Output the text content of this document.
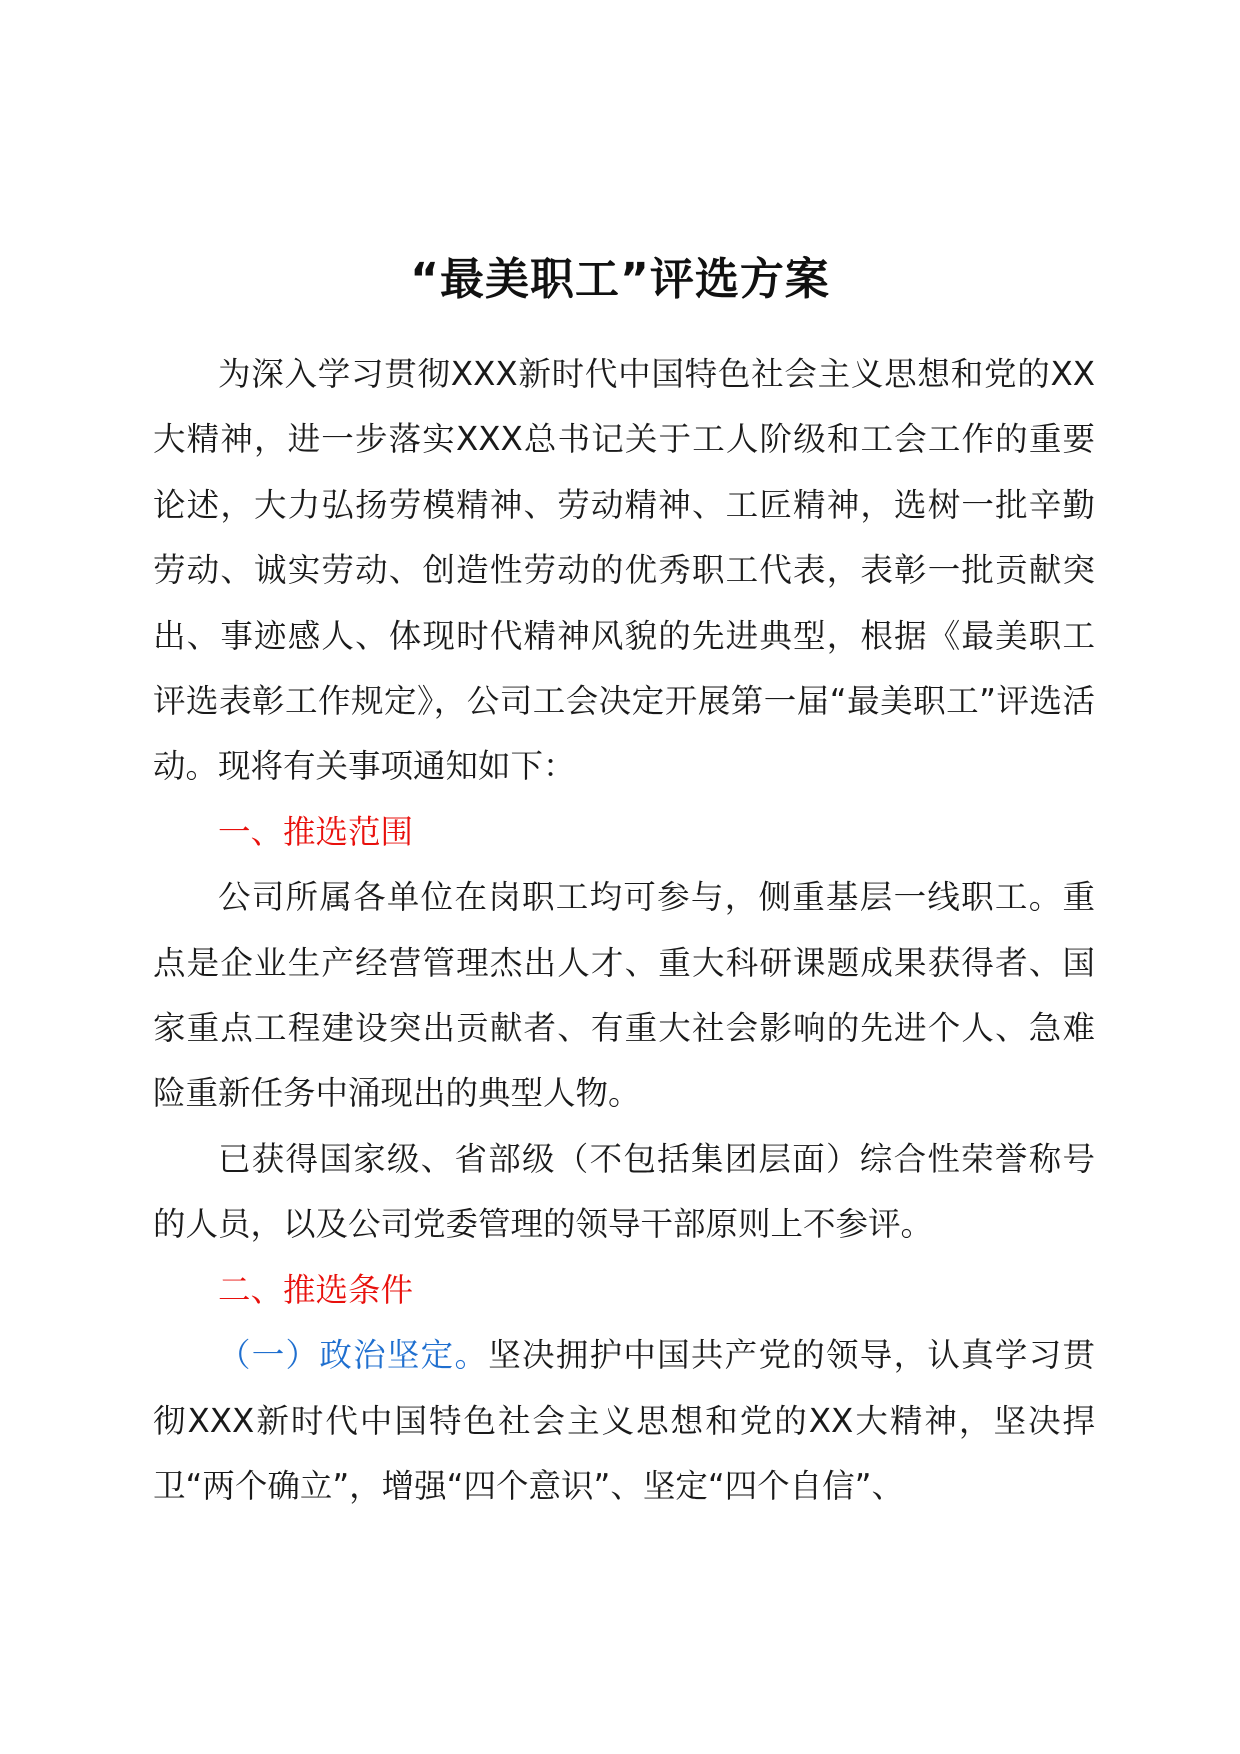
“最美职工”评选方案

为深入学习贯彻XXX新时代中国特色社会主义思想和党的XX大精神，进一步落实XXX总书记关于工人阶级和工会工作的重要论述，大力弘扬劳模精神、劳动精神、工匠精神，选树一批辛勤劳动、诚实劳动、创造性劳动的优秀职工代表，表彰一批贡献突出、事迹感人、体现时代精神风貌的先进典型，根据《最美职工评选表彰工作规定》，公司工会决定开展第一届“最美职工”评选活动。现将有关事项通知如下：

一、推选范围

公司所属各单位在岗职工均可参与，侧重基层一线职工。重点是企业生产经营管理杰出人才、重大科研课题成果获得者、国家重点工程建设突出贡献者、有重大社会影响的先进个人、急难险重新任务中涌现出的典型人物。

已获得国家级、省部级（不包括集团层面）综合性荣誉称号的人员，以及公司党委管理的领导干部原则上不参评。

二、推选条件

（一）政治坚定。坚决拥护中国共产党的领导，认真学习贯彻XXX新时代中国特色社会主义思想和党的XX大精神，坚决捍卫“两个确立”，增强“四个意识”、坚定“四个自信”、
